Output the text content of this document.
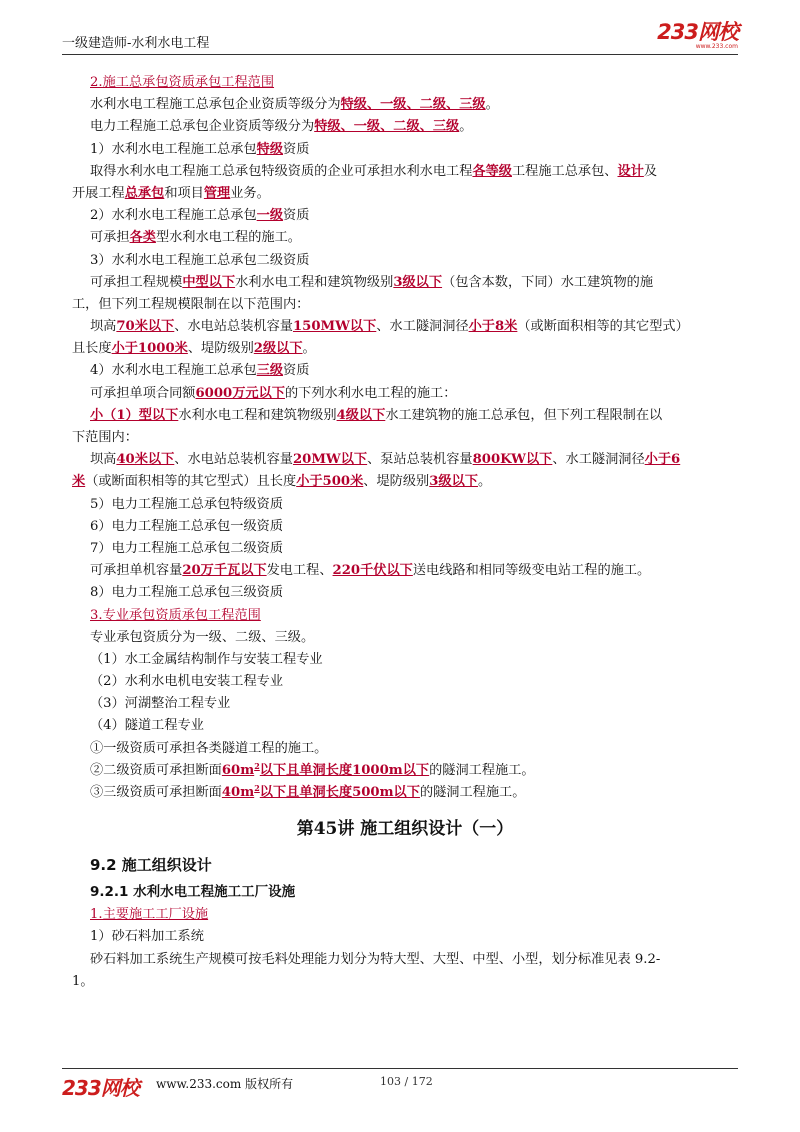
一级建造师-水利水电工程	233网校
www.233.com
2.施工总承包资质承包工程范围
水利水电工程施工总承包企业资质等级分为特级、一级、二级、三级。
电力工程施工总承包企业资质等级分为特级、一级、二级、三级。
1）水利水电工程施工总承包特级资质
取得水利水电工程施工总承包特级资质的企业可承担水利水电工程各等级工程施工总承包、设计及
开展工程总承包和项目管理业务。
2）水利水电工程施工总承包一级资质
可承担各类型水利水电工程的施工。
3）水利水电工程施工总承包二级资质
可承担工程规模中型以下水利水电工程和建筑物级别3级以下（包含本数，下同）水工建筑物的施
工，但下列工程规模限制在以下范围内：
坝高70米以下、水电站总装机容量150MW以下、水工隧洞洞径小于8米（或断面积相等的其它型式）
且长度小于1000米、堤防级别2级以下。
4）水利水电工程施工总承包三级资质
可承担单项合同额6000万元以下的下列水利水电工程的施工：
小（1）型以下水利水电工程和建筑物级别4级以下水工建筑物的施工总承包，但下列工程限制在以
下范围内：
坝高40米以下、水电站总装机容量20MW以下、泵站总装机容量800KW以下、水工隧洞洞径小于6
米（或断面积相等的其它型式）且长度小于500米、堤防级别3级以下。
5）电力工程施工总承包特级资质
6）电力工程施工总承包一级资质
7）电力工程施工总承包二级资质
可承担单机容量20万千瓦以下发电工程、220千伏以下送电线路和相同等级变电站工程的施工。
8）电力工程施工总承包三级资质
3.专业承包资质承包工程范围
专业承包资质分为一级、二级、三级。
（1）水工金属结构制作与安装工程专业
（2）水利水电机电安装工程专业
（3）河湖整治工程专业
（4）隧道工程专业
①一级资质可承担各类隧道工程的施工。
②二级资质可承担断面$60m^2$以下且单洞长度1000m以下的隧洞工程施工。
③三级资质可承担断面$40m^2$以下且单洞长度500m以下的隧洞工程施工。
第45讲 施工组织设计（一）
9.2 施工组织设计
9.2.1 水利水电工程施工工厂设施
1.主要施工工厂设施
1）砂石料加工系统
砂石料加工系统生产规模可按毛料处理能力划分为特大型、大型、中型、小型，划分标准见表 9.2-
1。
233网校 www.233.com 版权所有	103 / 172
